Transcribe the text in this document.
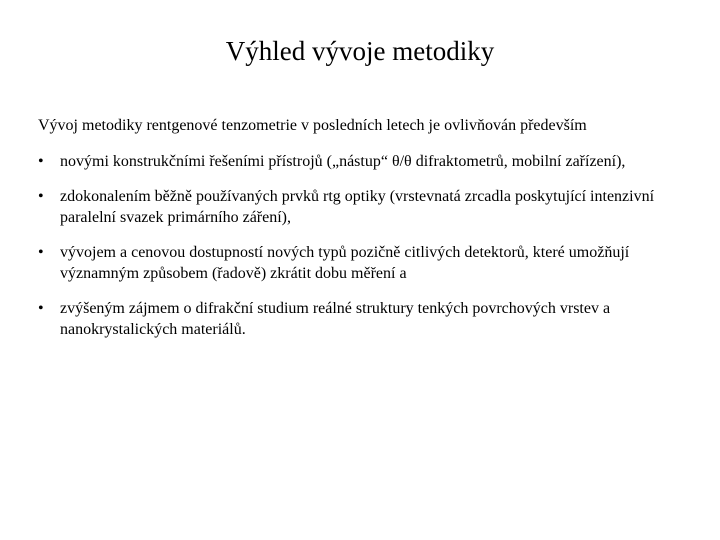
Výhled vývoje metodiky

Vývoj metodiky rentgenové tenzometrie v posledních letech je ovlivňován především

•	novými konstrukčními řešeními přístrojů („nástup“ θ/θ difraktometrů, mobilní zařízení),
•	zdokonalením běžně používaných prvků rtg optiky (vrstevnatá zrcadla poskytující intenzivní paralelní svazek primárního záření),
•	vývojem a cenovou dostupností nových typů pozičně citlivých detektorů, které umožňují významným způsobem (řadově) zkrátit dobu měření a
•	zvýšeným zájmem o difrakční studium reálné struktury tenkých povrchových vrstev a nanokrystalických materiálů.
